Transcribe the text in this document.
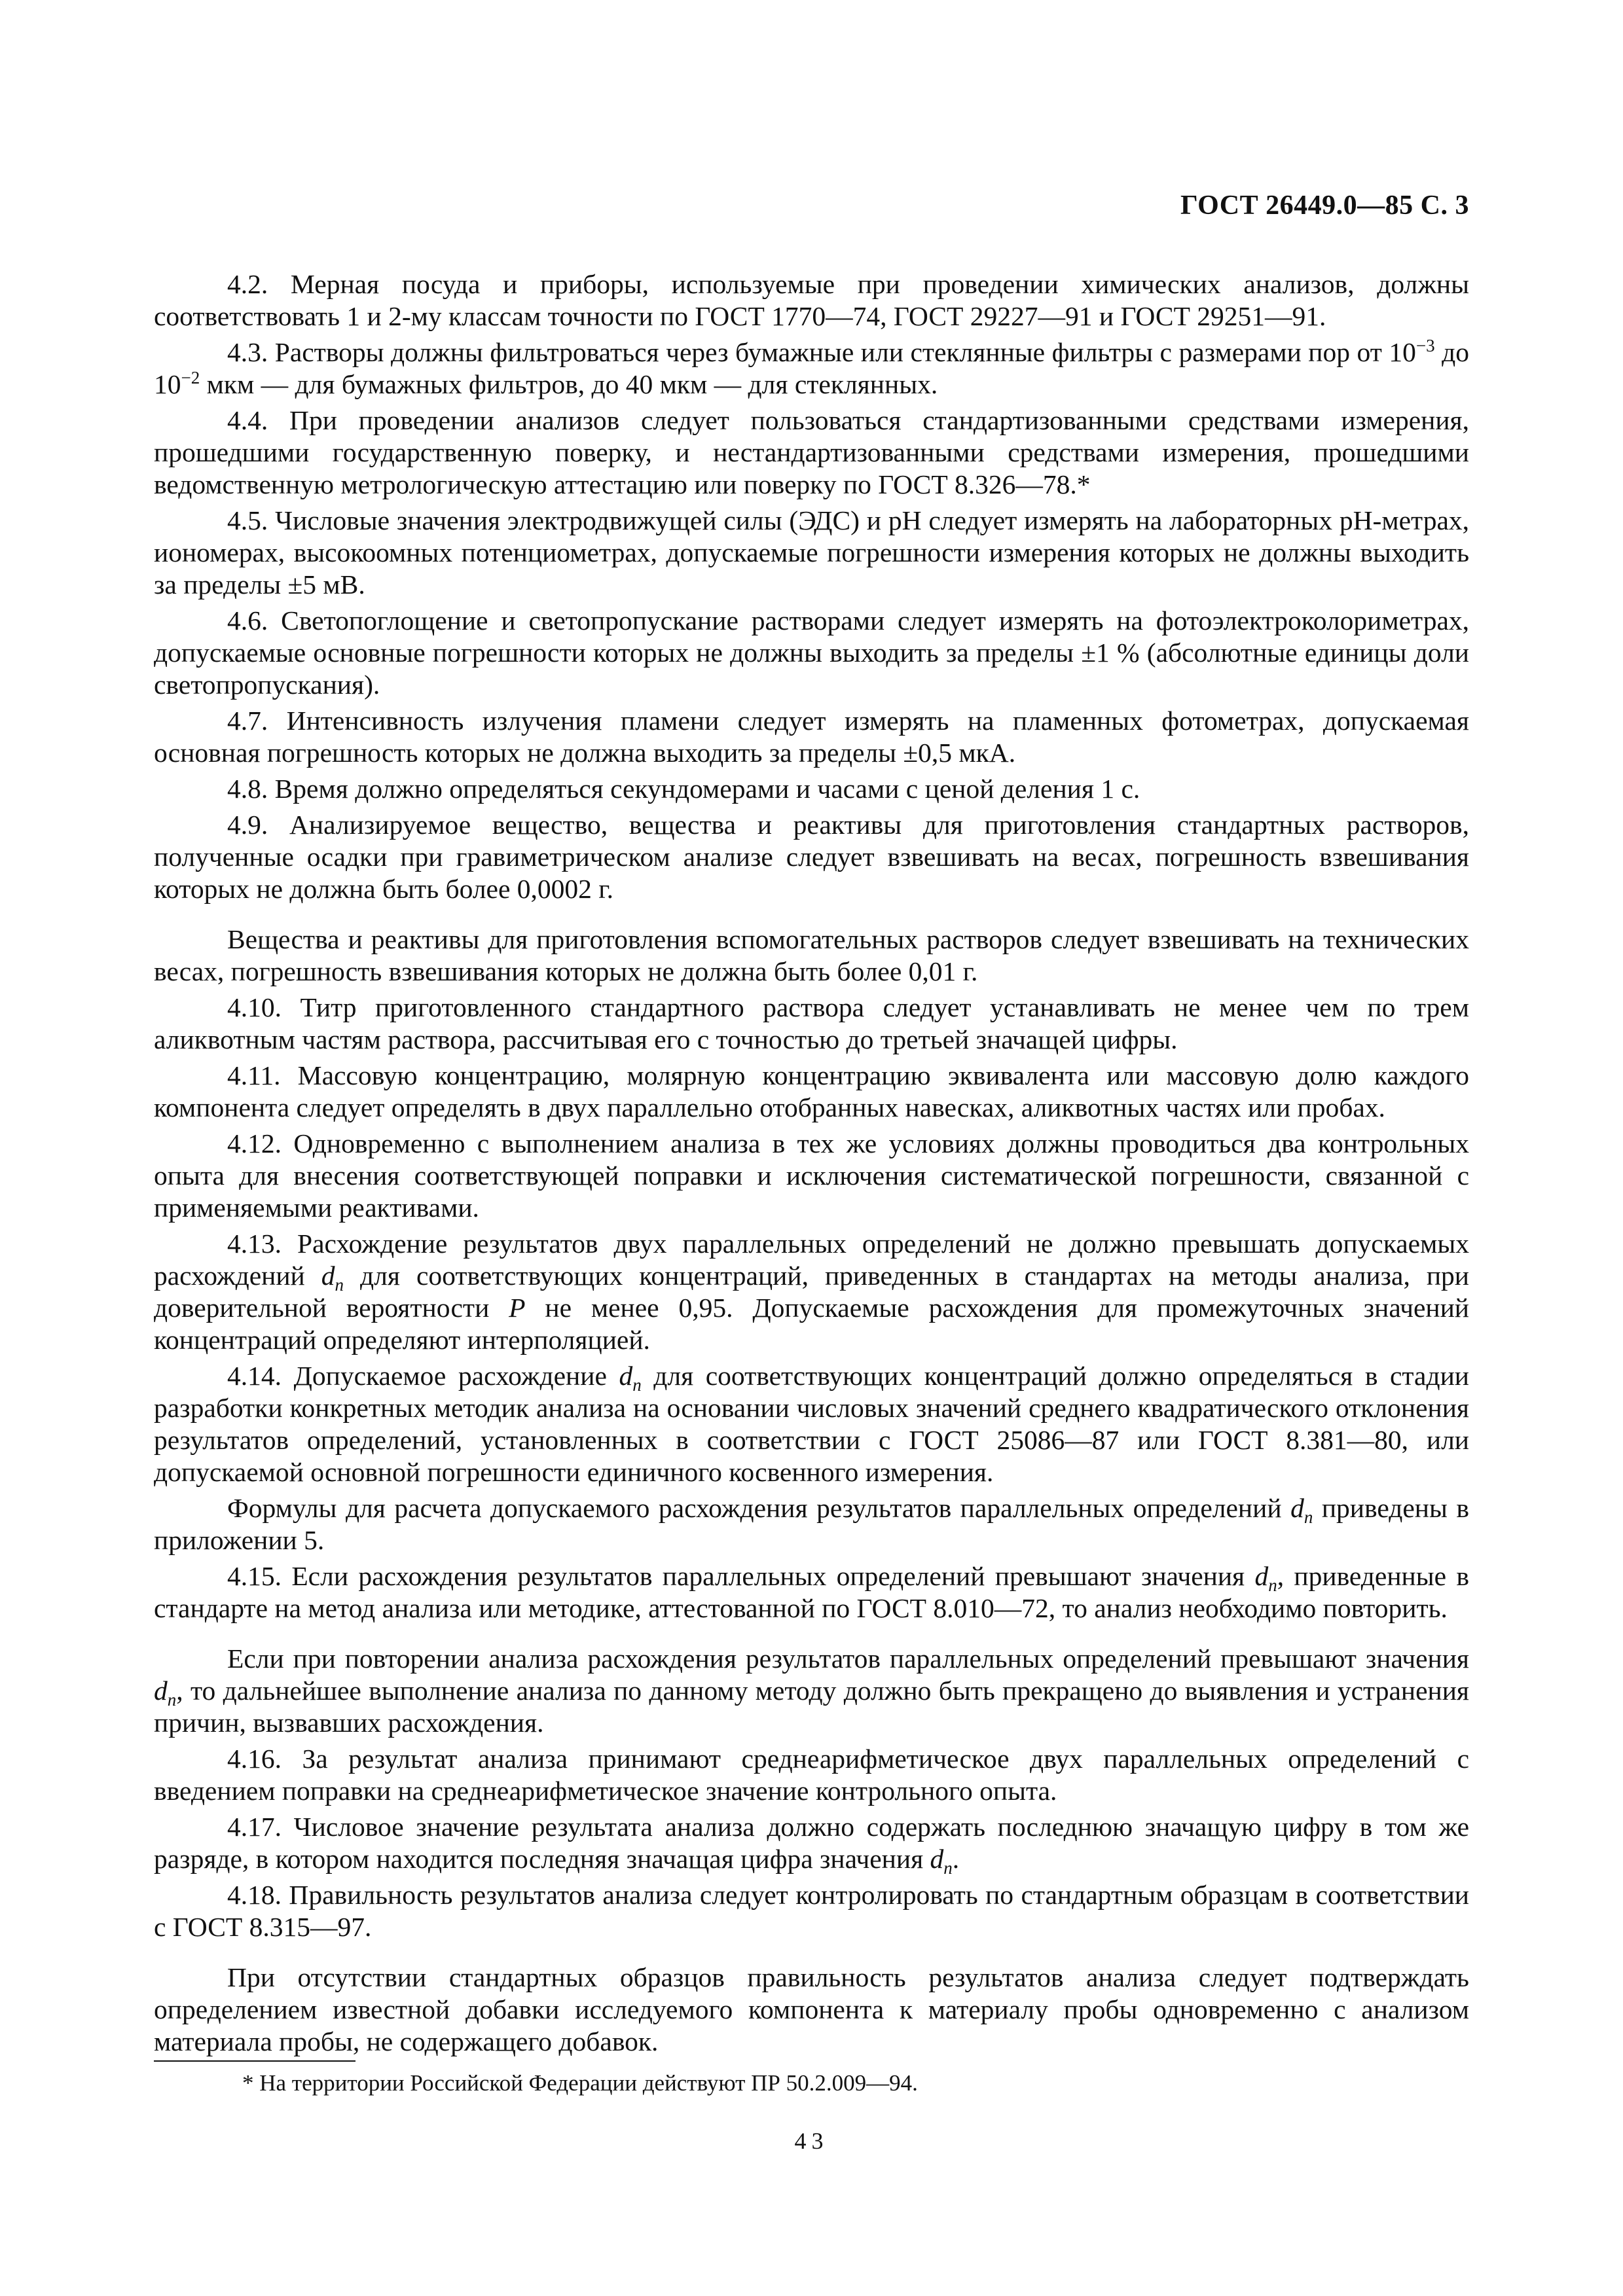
ГОСТ 26449.0—85 С. 3

4.2. Мерная посуда и приборы, используемые при проведении химических анализов, должны соответствовать 1 и 2-му классам точности по ГОСТ 1770—74, ГОСТ 29227—91 и ГОСТ 29251—91.

4.3. Растворы должны фильтроваться через бумажные или стеклянные фильтры с размерами пор от $10^{-3}$ до $10^{-2}$ мкм — для бумажных фильтров, до 40 мкм — для стеклянных.

4.4. При проведении анализов следует пользоваться стандартизованными средствами измерения, прошедшими государственную поверку, и нестандартизованными средствами измерения, прошедшими ведомственную метрологическую аттестацию или поверку по ГОСТ 8.326—78.*

4.5. Числовые значения электродвижущей силы (ЭДС) и pH следует измерять на лабораторных pH-метрах, иономерах, высокоомных потенциометрах, допускаемые погрешности измерения которых не должны выходить за пределы ±5 мВ.

4.6. Светопоглощение и светопропускание растворами следует измерять на фотоэлектроколориметрах, допускаемые основные погрешности которых не должны выходить за пределы ±1 % (абсолютные единицы доли светопропускания).

4.7. Интенсивность излучения пламени следует измерять на пламенных фотометрах, допускаемая основная погрешность которых не должна выходить за пределы ±0,5 мкА.

4.8. Время должно определяться секундомерами и часами с ценой деления 1 с.

4.9. Анализируемое вещество, вещества и реактивы для приготовления стандартных растворов, полученные осадки при гравиметрическом анализе следует взвешивать на весах, погрешность взвешивания которых не должна быть более 0,0002 г.

Вещества и реактивы для приготовления вспомогательных растворов следует взвешивать на технических весах, погрешность взвешивания которых не должна быть более 0,01 г.

4.10. Титр приготовленного стандартного раствора следует устанавливать не менее чем по трем аликвотным частям раствора, рассчитывая его с точностью до третьей значащей цифры.

4.11. Массовую концентрацию, молярную концентрацию эквивалента или массовую долю каждого компонента следует определять в двух параллельно отобранных навесках, аликвотных частях или пробах.

4.12. Одновременно с выполнением анализа в тех же условиях должны проводиться два контрольных опыта для внесения соответствующей поправки и исключения систематической погрешности, связанной с применяемыми реактивами.

4.13. Расхождение результатов двух параллельных определений не должно превышать допускаемых расхождений $d_n$ для соответствующих концентраций, приведенных в стандартах на методы анализа, при доверительной вероятности P не менее 0,95. Допускаемые расхождения для промежуточных значений концентраций определяют интерполяцией.

4.14. Допускаемое расхождение $d_n$ для соответствующих концентраций должно определяться в стадии разработки конкретных методик анализа на основании числовых значений среднего квадратического отклонения результатов определений, установленных в соответствии с ГОСТ 25086—87 или ГОСТ 8.381—80, или допускаемой основной погрешности единичного косвенного измерения.

Формулы для расчета допускаемого расхождения результатов параллельных определений $d_n$ приведены в приложении 5.

4.15. Если расхождения результатов параллельных определений превышают значения $d_n$, приведенные в стандарте на метод анализа или методике, аттестованной по ГОСТ 8.010—72, то анализ необходимо повторить.

Если при повторении анализа расхождения результатов параллельных определений превышают значения $d_n$, то дальнейшее выполнение анализа по данному методу должно быть прекращено до выявления и устранения причин, вызвавших расхождения.

4.16. За результат анализа принимают среднеарифметическое двух параллельных определений с введением поправки на среднеарифметическое значение контрольного опыта.

4.17. Числовое значение результата анализа должно содержать последнюю значащую цифру в том же разряде, в котором находится последняя значащая цифра значения $d_n$.

4.18. Правильность результатов анализа следует контролировать по стандартным образцам в соответствии с ГОСТ 8.315—97.

При отсутствии стандартных образцов правильность результатов анализа следует подтверждать определением известной добавки исследуемого компонента к материалу пробы одновременно с анализом материала пробы, не содержащего добавок.

* На территории Российской Федерации действуют ПР 50.2.009—94.

43
